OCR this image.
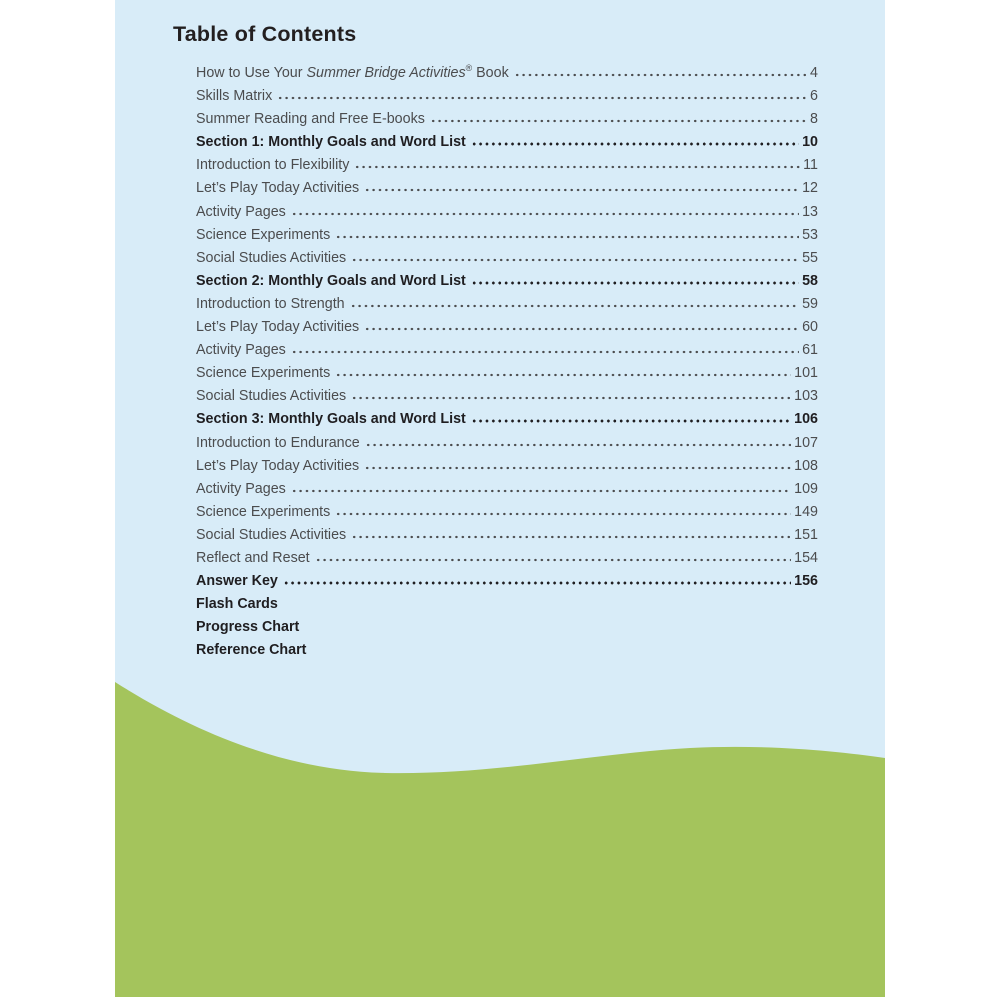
Table of Contents
How to Use Your Summer Bridge Activities® Book	4
Skills Matrix	6
Summer Reading and Free E-books	8
Section 1: Monthly Goals and Word List	10
Introduction to Flexibility	11
Let’s Play Today Activities	12
Activity Pages	13
Science Experiments	53
Social Studies Activities	55
Section 2: Monthly Goals and Word List	58
Introduction to Strength	59
Let’s Play Today Activities	60
Activity Pages	61
Science Experiments	101
Social Studies Activities	103
Section 3: Monthly Goals and Word List	106
Introduction to Endurance	107
Let’s Play Today Activities	108
Activity Pages	109
Science Experiments	149
Social Studies Activities	151
Reflect and Reset	154
Answer Key	156
Flash Cards
Progress Chart
Reference Chart
